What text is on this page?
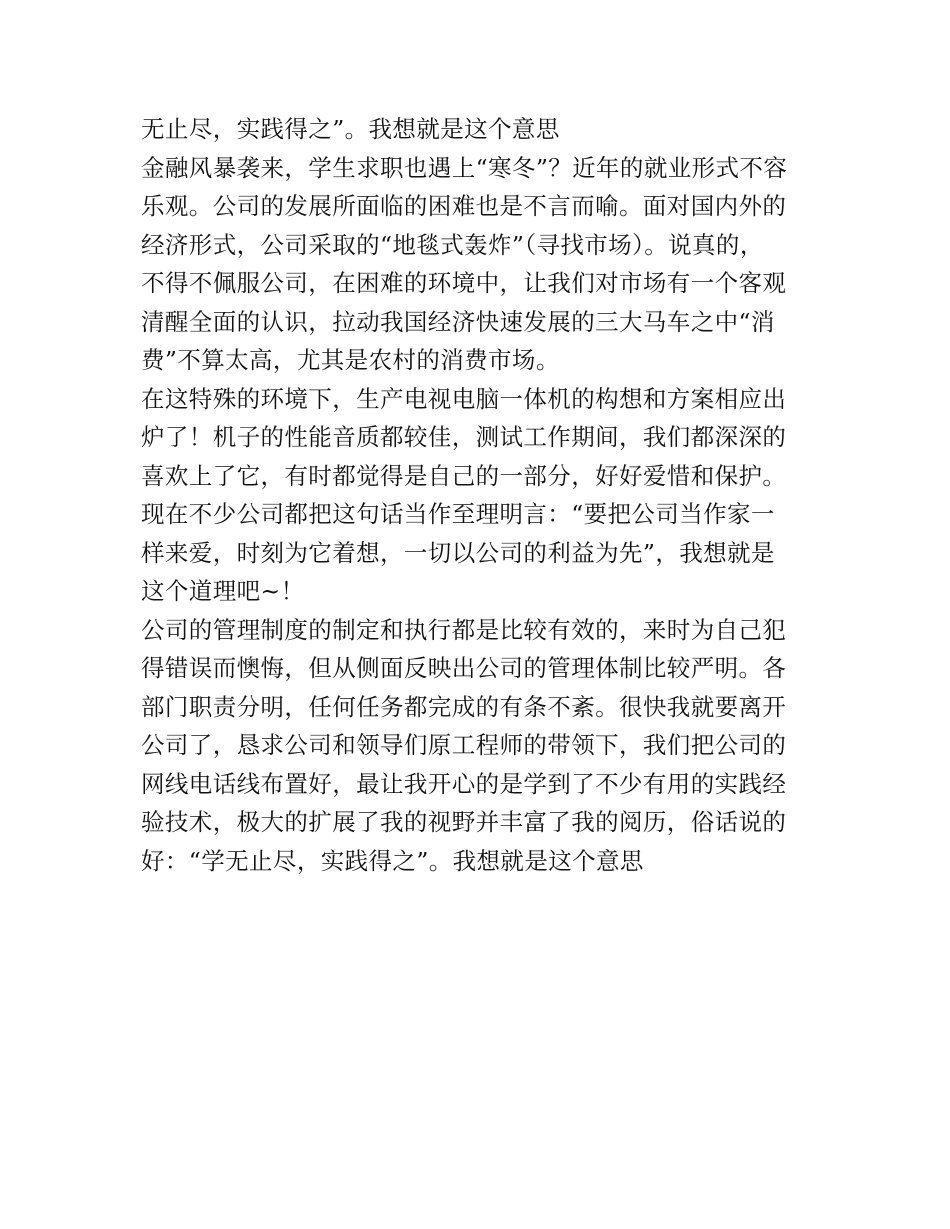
无止尽，实践得之”。我想就是这个意思
金融风暴袭来，学生求职也遇上“寒冬”？近年的就业形式不容
乐观。公司的发展所面临的困难也是不言而喻。面对国内外的
经济形式，公司采取的“地毯式轰炸”（寻找市场）。说真的，
不得不佩服公司，在困难的环境中，让我们对市场有一个客观
清醒全面的认识，拉动我国经济快速发展的三大马车之中“消
费”不算太高，尤其是农村的消费市场。
在这特殊的环境下，生产电视电脑一体机的构想和方案相应出
炉了！机子的性能音质都较佳，测试工作期间，我们都深深的
喜欢上了它，有时都觉得是自己的一部分，好好爱惜和保护。
现在不少公司都把这句话当作至理明言：“要把公司当作家一
样来爱，时刻为它着想，一切以公司的利益为先”，我想就是
这个道理吧~！
公司的管理制度的制定和执行都是比较有效的，来时为自己犯
得错误而懊悔，但从侧面反映出公司的管理体制比较严明。各
部门职责分明，任何任务都完成的有条不紊。很快我就要离开
公司了，恳求公司和领导们原工程师的带领下，我们把公司的
网线电话线布置好，最让我开心的是学到了不少有用的实践经
验技术，极大的扩展了我的视野并丰富了我的阅历，俗话说的
好：“学无止尽，实践得之”。我想就是这个意思
